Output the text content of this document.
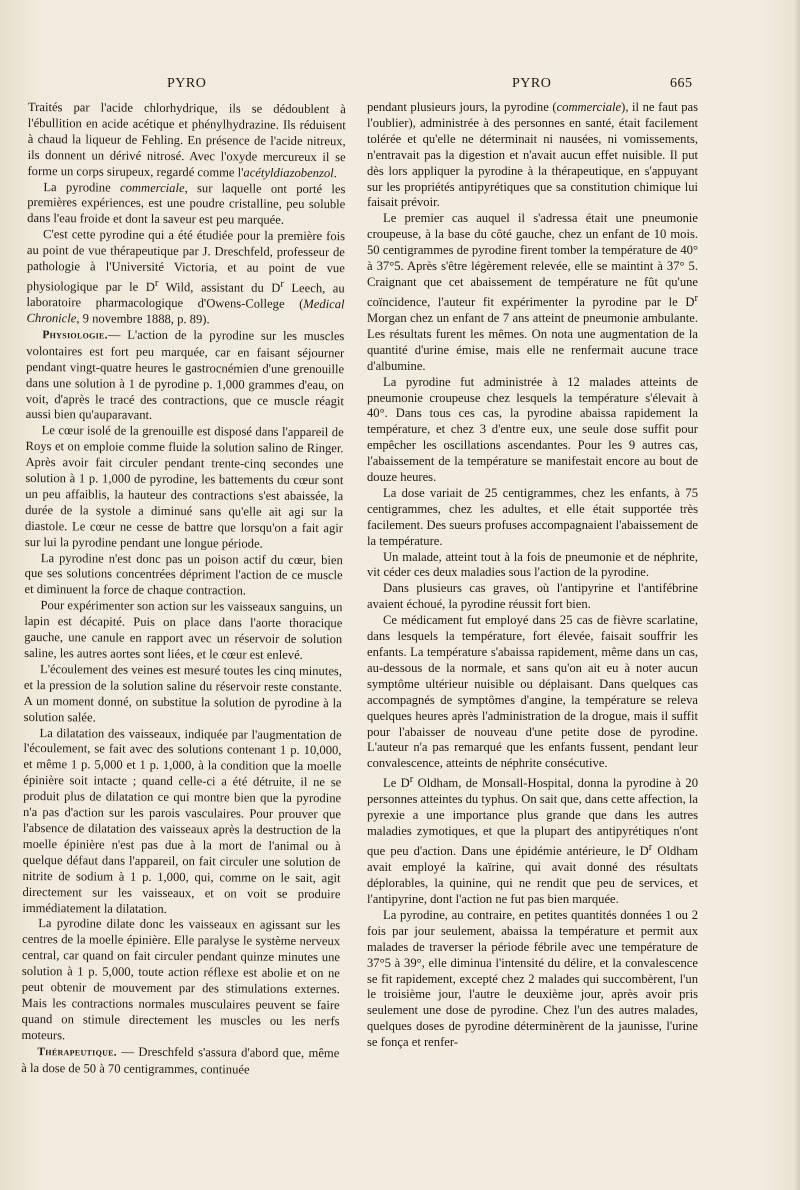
PYRO	PYRO	665

Traités par l'acide chlorhydrique, ils se dédoublent à l'ébullition en acide acétique et phénylhydrazine. Ils réduisent à chaud la liqueur de Fehling. En présence de l'acide nitreux, ils donnent un dérivé nitrosé. Avec l'oxyde mercureux il se forme un corps sirupeux, regardé comme l'acétyldiazobenzol.

La pyrodine commerciale, sur laquelle ont porté les premières expériences, est une poudre cristalline, peu soluble dans l'eau froide et dont la saveur est peu marquée.

C'est cette pyrodine qui a été étudiée pour la première fois au point de vue thérapeutique par J. Dreschfeld, professeur de pathologie à l'Université Victoria, et au point de vue physiologique par le $D^r$ Wild, assistant du $D^r$ Leech, au laboratoire pharmacologique d'Owens-College (Medical Chronicle, 9 novembre 1888, p. 89).

Physiologie.— L'action de la pyrodine sur les muscles volontaires est fort peu marquée, car en faisant séjourner pendant vingt-quatre heures le gastrocnémien d'une grenouille dans une solution à 1 de pyrodine p. 1,000 grammes d'eau, on voit, d'après le tracé des contractions, que ce muscle réagit aussi bien qu'auparavant.

Le cœur isolé de la grenouille est disposé dans l'appareil de Roys et on emploie comme fluide la solution salino de Ringer. Après avoir fait circuler pendant trente-cinq secondes une solution à 1 p. 1,000 de pyrodine, les battements du cœur sont un peu affaiblis, la hauteur des contractions s'est abaissée, la durée de la systole a diminué sans qu'elle ait agi sur la diastole. Le cœur ne cesse de battre que lorsqu'on a fait agir sur lui la pyrodine pendant une longue période.

La pyrodine n'est donc pas un poison actif du cœur, bien que ses solutions concentrées dépriment l'action de ce muscle et diminuent la force de chaque contraction.

Pour expérimenter son action sur les vaisseaux sanguins, un lapin est décapité. Puis on place dans l'aorte thoracique gauche, une canule en rapport avec un réservoir de solution saline, les autres aortes sont liées, et le cœur est enlevé.

L'écoulement des veines est mesuré toutes les cinq minutes, et la pression de la solution saline du réservoir reste constante. A un moment donné, on substitue la solution de pyrodine à la solution salée.

La dilatation des vaisseaux, indiquée par l'augmentation de l'écoulement, se fait avec des solutions contenant 1 p. 10,000, et même 1 p. 5,000 et 1 p. 1,000, à la condition que la moelle épinière soit intacte ; quand celle-ci a été détruite, il ne se produit plus de dilatation ce qui montre bien que la pyrodine n'a pas d'action sur les parois vasculaires. Pour prouver que l'absence de dilatation des vaisseaux après la destruction de la moelle épinière n'est pas due à la mort de l'animal ou à quelque défaut dans l'appareil, on fait circuler une solution de nitrite de sodium à 1 p. 1,000, qui, comme on le sait, agit directement sur les vaisseaux, et on voit se produire immédiatement la dilatation.

La pyrodine dilate donc les vaisseaux en agissant sur les centres de la moelle épinière. Elle paralyse le système nerveux central, car quand on fait circuler pendant quinze minutes une solution à 1 p. 5,000, toute action réflexe est abolie et on ne peut obtenir de mouvement par des stimulations externes. Mais les contractions normales musculaires peuvent se faire quand on stimule directement les muscles ou les nerfs moteurs.

Thérapeutique. — Dreschfeld s'assura d'abord que, même à la dose de 50 à 70 centigrammes, continuée

pendant plusieurs jours, la pyrodine (commerciale), il ne faut pas l'oublier), administrée à des personnes en santé, était facilement tolérée et qu'elle ne déterminait ni nausées, ni vomissements, n'entravait pas la digestion et n'avait aucun effet nuisible. Il put dès lors appliquer la pyrodine à la thérapeutique, en s'appuyant sur les propriétés antipyrétiques que sa constitution chimique lui faisait prévoir.

Le premier cas auquel il s'adressa était une pneumonie croupeuse, à la base du côté gauche, chez un enfant de 10 mois. 50 centigrammes de pyrodine firent tomber la température de 40° à 37°5. Après s'être légèrement relevée, elle se maintint à 37° 5. Craignant que cet abaissement de température ne fût qu'une coïncidence, l'auteur fit expérimenter la pyrodine par le $D^r$ Morgan chez un enfant de 7 ans atteint de pneumonie ambulante. Les résultats furent les mêmes. On nota une augmentation de la quantité d'urine émise, mais elle ne renfermait aucune trace d'albumine.

La pyrodine fut administrée à 12 malades atteints de pneumonie croupeuse chez lesquels la température s'élevait à 40°. Dans tous ces cas, la pyrodine abaissa rapidement la température, et chez 3 d'entre eux, une seule dose suffit pour empêcher les oscillations ascendantes. Pour les 9 autres cas, l'abaissement de la température se manifestait encore au bout de douze heures.

La dose variait de 25 centigrammes, chez les enfants, à 75 centigrammes, chez les adultes, et elle était supportée très facilement. Des sueurs profuses accompagnaient l'abaissement de la température.

Un malade, atteint tout à la fois de pneumonie et de néphrite, vit céder ces deux maladies sous l'action de la pyrodine.

Dans plusieurs cas graves, où l'antipyrine et l'antifébrine avaient échoué, la pyrodine réussit fort bien.

Ce médicament fut employé dans 25 cas de fièvre scarlatine, dans lesquels la température, fort élevée, faisait souffrir les enfants. La température s'abaissa rapidement, même dans un cas, au-dessous de la normale, et sans qu'on ait eu à noter aucun symptôme ultérieur nuisible ou déplaisant. Dans quelques cas accompagnés de symptômes d'angine, la température se releva quelques heures après l'administration de la drogue, mais il suffit pour l'abaisser de nouveau d'une petite dose de pyrodine. L'auteur n'a pas remarqué que les enfants fussent, pendant leur convalescence, atteints de néphrite consécutive.

Le $D^r$ Oldham, de Monsall-Hospital, donna la pyrodine à 20 personnes atteintes du typhus. On sait que, dans cette affection, la pyrexie a une importance plus grande que dans les autres maladies zymotiques, et que la plupart des antipyrétiques n'ont que peu d'action. Dans une épidémie antérieure, le $D^r$ Oldham avait employé la kaïrine, qui avait donné des résultats déplorables, la quinine, qui ne rendit que peu de services, et l'antipyrine, dont l'action ne fut pas bien marquée.

La pyrodine, au contraire, en petites quantités données 1 ou 2 fois par jour seulement, abaissa la température et permit aux malades de traverser la période fébrile avec une température de 37°5 à 39°, elle diminua l'intensité du délire, et la convalescence se fit rapidement, excepté chez 2 malades qui succombèrent, l'un le troisième jour, l'autre le deuxième jour, après avoir pris seulement une dose de pyrodine. Chez l'un des autres malades, quelques doses de pyrodine déterminèrent de la jaunisse, l'urine se fonça et renfer-
